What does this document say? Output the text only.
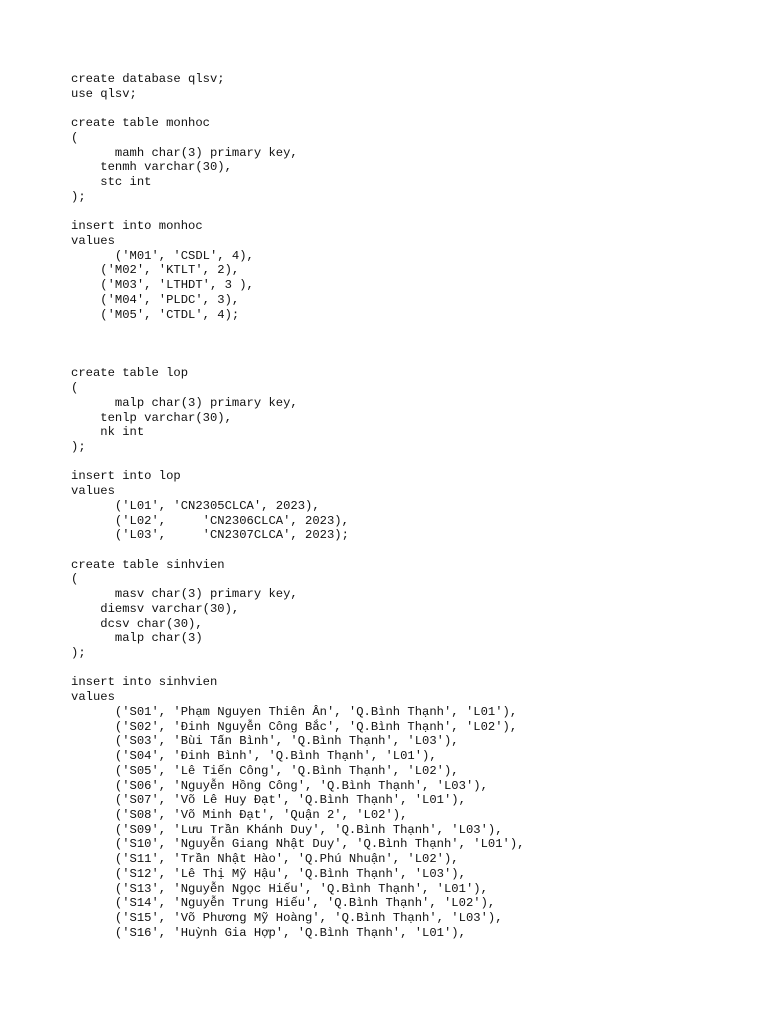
create database qlsv;
use qlsv;
create table monhoc
(
mamh char(3) primary key,
tenmh varchar(30),
stc int
);
insert into monhoc
values
('M01', 'CSDL', 4),
('M02', 'KTLT', 2),
('M03', 'LTHDT', 3 ),
('M04', 'PLDC', 3),
('M05', 'CTDL', 4);
create table lop
(
malp char(3) primary key,
tenlp varchar(30),
nk int
);
insert into lop
values
('L01', 'CN2305CLCA', 2023),
('L02',     'CN2306CLCA', 2023),
('L03',     'CN2307CLCA', 2023);
create table sinhvien
(
masv char(3) primary key,
diemsv varchar(30),
dcsv char(30),
malp char(3)
);
insert into sinhvien
values
('S01', 'Phạm Nguyen Thiên Ân', 'Q.Bình Thạnh', 'L01'),
('S02', 'Đinh Nguyễn Công Bắc', 'Q.Bình Thạnh', 'L02'),
('S03', 'Bùi Tấn Bình', 'Q.Bình Thạnh', 'L03'),
('S04', 'Đinh Bình', 'Q.Bình Thạnh', 'L01'),
('S05', 'Lê Tiến Công', 'Q.Bình Thạnh', 'L02'),
('S06', 'Nguyễn Hồng Công', 'Q.Bình Thạnh', 'L03'),
('S07', 'Võ Lê Huy Đạt', 'Q.Bình Thạnh', 'L01'),
('S08', 'Võ Minh Đạt', 'Quận 2', 'L02'),
('S09', 'Lưu Trần Khánh Duy', 'Q.Bình Thạnh', 'L03'),
('S10', 'Nguyễn Giang Nhật Duy', 'Q.Bình Thạnh', 'L01'),
('S11', 'Trần Nhật Hào', 'Q.Phú Nhuận', 'L02'),
('S12', 'Lê Thị Mỹ Hậu', 'Q.Bình Thạnh', 'L03'),
('S13', 'Nguyễn Ngọc Hiếu', 'Q.Bình Thạnh', 'L01'),
('S14', 'Nguyễn Trung Hiếu', 'Q.Bình Thạnh', 'L02'),
('S15', 'Võ Phương Mỹ Hoàng', 'Q.Bình Thạnh', 'L03'),
('S16', 'Huỳnh Gia Hợp', 'Q.Bình Thạnh', 'L01'),
